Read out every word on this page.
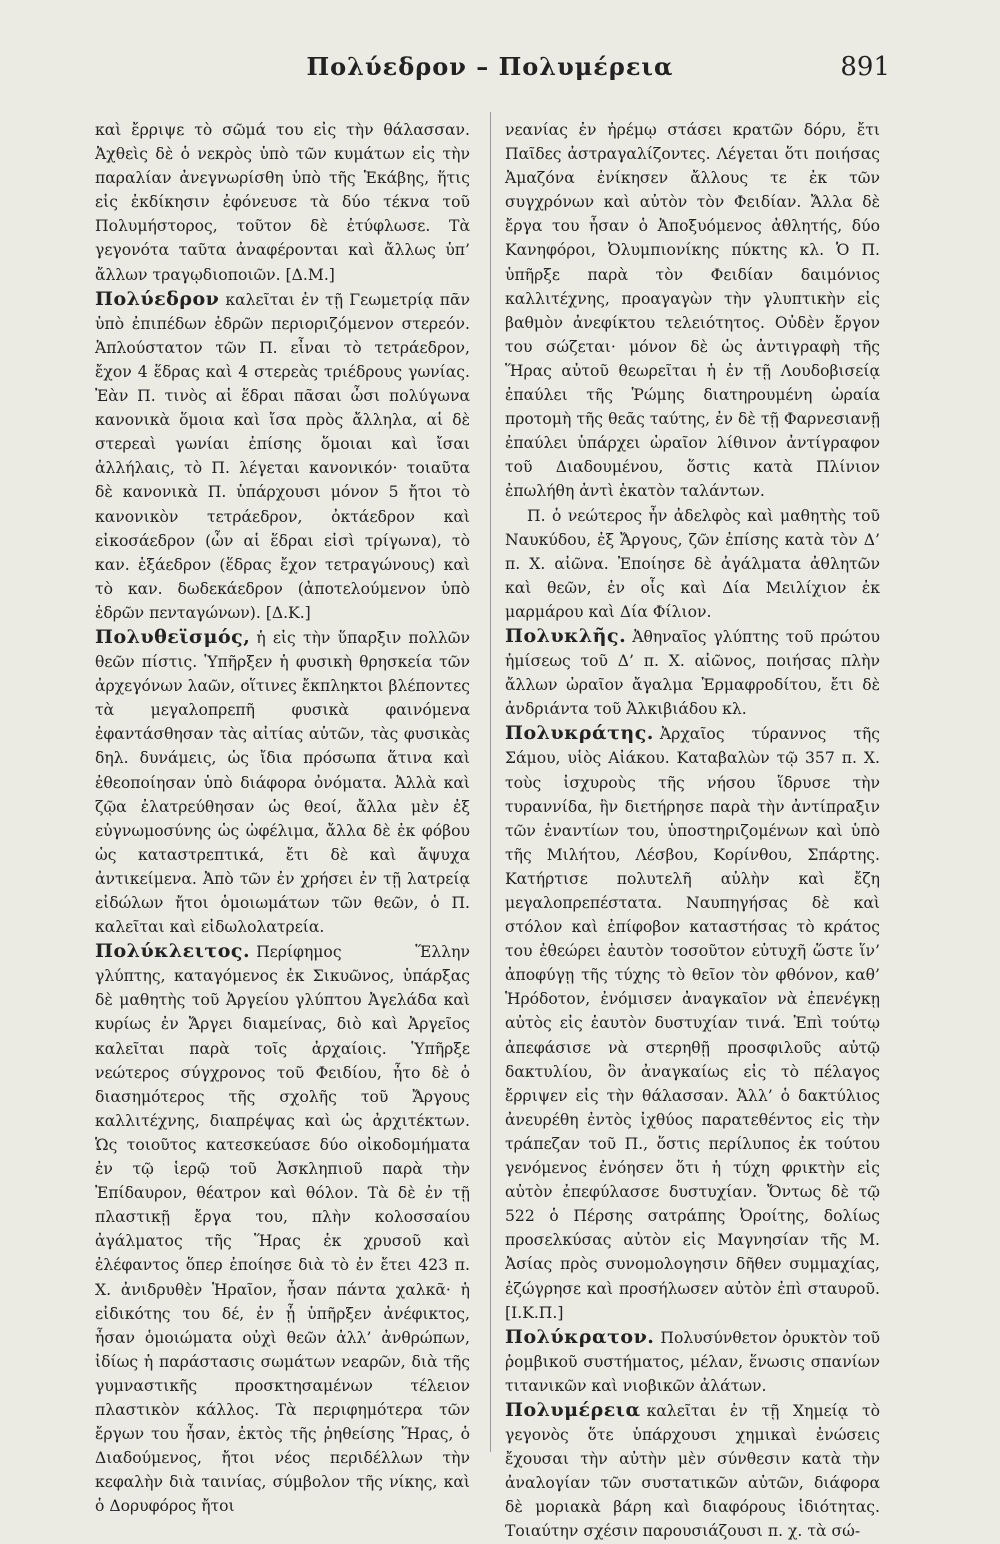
Πολύεδρον – Πολυμέρεια	891

καὶ ἔρριψε τὸ σῶμά του εἰς τὴν θάλασσαν. Ἀχθεὶς δὲ ὁ νεκρὸς ὑπὸ τῶν κυμάτων εἰς τὴν παραλίαν ἀνεγνωρίσθη ὑπὸ τῆς Ἑκάβης, ἥτις εἰς ἐκδίκησιν ἐφόνευσε τὰ δύο τέκνα τοῦ Πολυμήστορος, τοῦτον δὲ ἐτύφλωσε. Τὰ γεγονότα ταῦτα ἀναφέρονται καὶ ἄλλως ὑπ’ ἄλλων τραγῳδιοποιῶν. [Δ.Μ.]

Πολύεδρον καλεῖται ἐν τῇ Γεωμετρίᾳ πᾶν ὑπὸ ἐπιπέδων ἑδρῶν περιοριζόμενον στερεόν. Ἁπλούστατον τῶν Π. εἶναι τὸ τετράεδρον, ἔχον 4 ἕδρας καὶ 4 στερεὰς τριέδρους γωνίας. Ἐὰν Π. τινὸς αἱ ἕδραι πᾶσαι ὦσι πολύγωνα κανονικὰ ὅμοια καὶ ἴσα πρὸς ἄλληλα, αἱ δὲ στερεαὶ γωνίαι ἐπίσης ὅμοιαι καὶ ἴσαι ἀλλήλαις, τὸ Π. λέγεται κανονικόν· τοιαῦτα δὲ κανονικὰ Π. ὑπάρχουσι μόνον 5 ἤτοι τὸ κανονικὸν τετράεδρον, ὀκτάεδρον καὶ εἰκοσάεδρον (ὧν αἱ ἕδραι εἰσὶ τρίγωνα), τὸ καν. ἑξάεδρον (ἕδρας ἔχον τετραγώνους) καὶ τὸ καν. δωδεκάεδρον (ἀποτελούμενον ὑπὸ ἑδρῶν πενταγώνων). [Δ.Κ.]

Πολυθεϊσμός, ἡ εἰς τὴν ὕπαρξιν πολλῶν θεῶν πίστις. Ὑπῆρξεν ἡ φυσικὴ θρησκεία τῶν ἀρχεγόνων λαῶν, οἵτινες ἔκπληκτοι βλέποντες τὰ μεγαλοπρεπῆ φυσικὰ φαινόμενα ἐφαντάσθησαν τὰς αἰτίας αὐτῶν, τὰς φυσικὰς δηλ. δυνάμεις, ὡς ἴδια πρόσωπα ἅτινα καὶ ἐθεοποίησαν ὑπὸ διάφορα ὀνόματα. Ἀλλὰ καὶ ζῷα ἐλατρεύθησαν ὡς θεοί, ἄλλα μὲν ἐξ εὐγνωμοσύνης ὡς ὠφέλιμα, ἄλλα δὲ ἐκ φόβου ὡς καταστρεπτικά, ἔτι δὲ καὶ ἄψυχα ἀντικείμενα. Ἀπὸ τῶν ἐν χρήσει ἐν τῇ λατρείᾳ εἰδώλων ἤτοι ὁμοιωμάτων τῶν θεῶν, ὁ Π. καλεῖται καὶ εἰδωλολατρεία.

Πολύκλειτος. Περίφημος Ἕλλην γλύπτης, καταγόμενος ἐκ Σικυῶνος, ὑπάρξας δὲ μαθητὴς τοῦ Ἀργείου γλύπτου Ἀγελάδα καὶ κυρίως ἐν Ἄργει διαμείνας, διὸ καὶ Ἀργεῖος καλεῖται παρὰ τοῖς ἀρχαίοις. Ὑπῆρξε νεώτερος σύγχρονος τοῦ Φειδίου, ἦτο δὲ ὁ διασημότερος τῆς σχολῆς τοῦ Ἄργους καλλιτέχνης, διαπρέψας καὶ ὡς ἀρχιτέκτων. Ὡς τοιοῦτος κατεσκεύασε δύο οἰκοδομήματα ἐν τῷ ἱερῷ τοῦ Ἀσκληπιοῦ παρὰ τὴν Ἐπίδαυρον, θέατρον καὶ θόλον. Τὰ δὲ ἐν τῇ πλαστικῇ ἔργα του, πλὴν κολοσσαίου ἀγάλματος τῆς Ἥρας ἐκ χρυσοῦ καὶ ἐλέφαντος ὅπερ ἐποίησε διὰ τὸ ἐν ἔτει 423 π. Χ. ἀνιδρυθὲν Ἡραῖον, ἦσαν πάντα χαλκᾶ· ἡ εἰδικότης του δέ, ἐν ᾗ ὑπῆρξεν ἀνέφικτος, ἦσαν ὁμοιώματα οὐχὶ θεῶν ἀλλ’ ἀνθρώπων, ἰδίως ἡ παράστασις σωμάτων νεαρῶν, διὰ τῆς γυμναστικῆς προσκτησαμένων τέλειον πλαστικὸν κάλλος. Τὰ περιφημότερα τῶν ἔργων του ἦσαν, ἐκτὸς τῆς ῥηθείσης Ἥρας, ὁ Διαδούμενος, ἤτοι νέος περιδέλλων τὴν κεφαλὴν διὰ ταινίας, σύμβολον τῆς νίκης, καὶ ὁ Δορυφόρος ἤτοι

νεανίας ἐν ἠρέμῳ στάσει κρατῶν δόρυ, ἔτι Παῖδες ἀστραγαλίζοντες. Λέγεται ὅτι ποιήσας Ἀμαζόνα ἐνίκησεν ἄλλους τε ἐκ τῶν συγχρόνων καὶ αὐτὸν τὸν Φειδίαν. Ἄλλα δὲ ἔργα του ἦσαν ὁ Ἀποξυόμενος ἀθλητής, δύο Κανηφόροι, Ὀλυμπιονίκης πύκτης κλ. Ὁ Π. ὑπῆρξε παρὰ τὸν Φειδίαν δαιμόνιος καλλιτέχνης, προαγαγὼν τὴν γλυπτικὴν εἰς βαθμὸν ἀνεφίκτου τελειότητος. Οὐδὲν ἔργον του σώζεται· μόνον δὲ ὡς ἀντιγραφὴ τῆς Ἥρας αὐτοῦ θεωρεῖται ἡ ἐν τῇ Λουδοβισείᾳ ἐπαύλει τῆς Ῥώμης διατηρουμένη ὡραία προτομὴ τῆς θεᾶς ταύτης, ἐν δὲ τῇ Φαρνεσιανῇ ἐπαύλει ὑπάρχει ὡραῖον λίθινον ἀντίγραφον τοῦ Διαδουμένου, ὅστις κατὰ Πλίνιον ἐπωλήθη ἀντὶ ἑκατὸν ταλάντων.

Π. ὁ νεώτερος ἦν ἀδελφὸς καὶ μαθητὴς τοῦ Ναυκύδου, ἐξ Ἄργους, ζῶν ἐπίσης κατὰ τὸν Δ’ π. Χ. αἰῶνα. Ἐποίησε δὲ ἀγάλματα ἀθλητῶν καὶ θεῶν, ἐν οἷς καὶ Δία Μειλίχιον ἐκ μαρμάρου καὶ Δία Φίλιον.

Πολυκλῆς. Ἀθηναῖος γλύπτης τοῦ πρώτου ἡμίσεως τοῦ Δ’ π. Χ. αἰῶνος, ποιήσας πλὴν ἄλλων ὡραῖον ἄγαλμα Ἑρμαφροδίτου, ἔτι δὲ ἀνδριάντα τοῦ Ἀλκιβιάδου κλ.

Πολυκράτης. Ἀρχαῖος τύραννος τῆς Σάμου, υἱὸς Αἰάκου. Καταβαλὼν τῷ 357 π. Χ. τοὺς ἰσχυροὺς τῆς νήσου ἵδρυσε τὴν τυραννίδα, ἣν διετήρησε παρὰ τὴν ἀντίπραξιν τῶν ἐναντίων του, ὑποστηριζομένων καὶ ὑπὸ τῆς Μιλήτου, Λέσβου, Κορίνθου, Σπάρτης. Κατήρτισε πολυτελῆ αὐλὴν καὶ ἔζη μεγαλοπρεπέστατα. Ναυπηγήσας δὲ καὶ στόλον καὶ ἐπίφοβον καταστήσας τὸ κράτος του ἐθεώρει ἑαυτὸν τοσοῦτον εὐτυχῆ ὥστε ἵν’ ἀποφύγῃ τῆς τύχης τὸ θεῖον τὸν φθόνον, καθ’ Ἡρόδοτον, ἐνόμισεν ἀναγκαῖον νὰ ἐπενέγκῃ αὐτὸς εἰς ἑαυτὸν δυστυχίαν τινά. Ἐπὶ τούτῳ ἀπεφάσισε νὰ στερηθῇ προσφιλοῦς αὐτῷ δακτυλίου, ὃν ἀναγκαίως εἰς τὸ πέλαγος ἔρριψεν εἰς τὴν θάλασσαν. Ἀλλ’ ὁ δακτύλιος ἀνευρέθη ἐντὸς ἰχθύος παρατεθέντος εἰς τὴν τράπεζαν τοῦ Π., ὅστις περίλυπος ἐκ τούτου γενόμενος ἐνόησεν ὅτι ἡ τύχη φρικτὴν εἰς αὐτὸν ἐπεφύλασσε δυστυχίαν. Ὄντως δὲ τῷ 522 ὁ Πέρσης σατράπης Ὀροίτης, δολίως προσελκύσας αὐτὸν εἰς Μαγνησίαν τῆς Μ. Ἀσίας πρὸς συνομολογησιν δῆθεν συμμαχίας, ἐζώγρησε καὶ προσήλωσεν αὐτὸν ἐπὶ σταυροῦ. [Ι.Κ.Π.]

Πολύκρατον. Πολυσύνθετον ὀρυκτὸν τοῦ ῥομβικοῦ συστήματος, μέλαν, ἕνωσις σπανίων τιτανικῶν καὶ νιοβικῶν ἀλάτων.

Πολυμέρεια καλεῖται ἐν τῇ Χημείᾳ τὸ γεγονὸς ὅτε ὑπάρχουσι χημικαὶ ἑνώσεις ἔχουσαι τὴν αὐτὴν μὲν σύνθεσιν κατὰ τὴν ἀναλογίαν τῶν συστατικῶν αὐτῶν, διάφορα δὲ μοριακὰ βάρη καὶ διαφόρους ἰδιότητας. Τοιαύτην σχέσιν παρουσιάζουσι π. χ. τὰ σώ-
